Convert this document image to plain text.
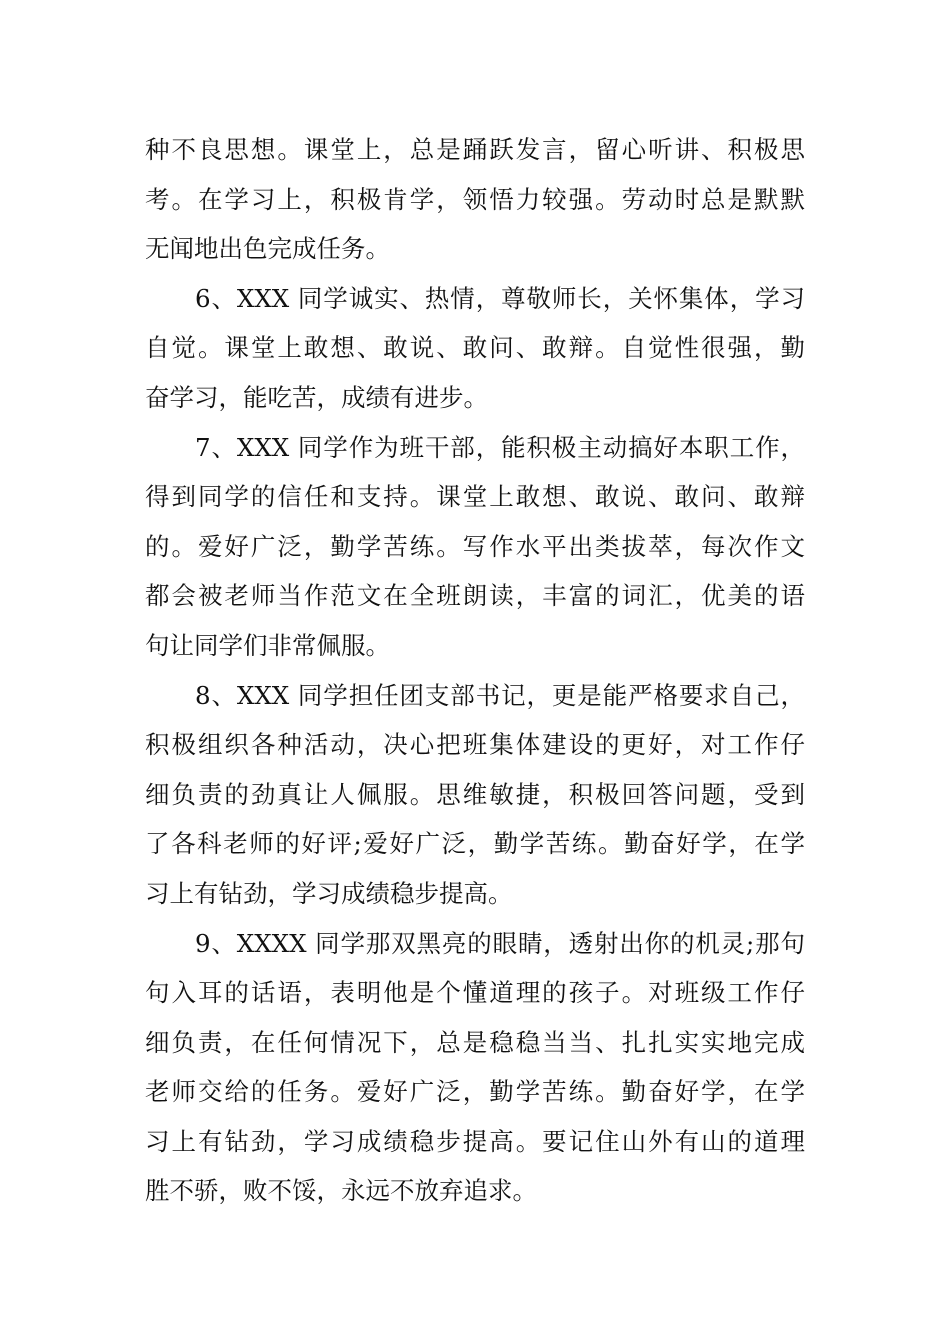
种不良思想。课堂上，总是踊跃发言，留心听讲、积极思
考。在学习上，积极肯学，领悟力较强。劳动时总是默默
无闻地出色完成任务。
6、XXX 同学诚实、热情，尊敬师长，关怀集体，学习
自觉。课堂上敢想、敢说、敢问、敢辩。自觉性很强，勤
奋学习，能吃苦，成绩有进步。
7、XXX 同学作为班干部，能积极主动搞好本职工作，
得到同学的信任和支持。课堂上敢想、敢说、敢问、敢辩
的。爱好广泛，勤学苦练。写作水平出类拔萃，每次作文
都会被老师当作范文在全班朗读，丰富的词汇，优美的语
句让同学们非常佩服。
8、XXX 同学担任团支部书记，更是能严格要求自己，
积极组织各种活动，决心把班集体建设的更好，对工作仔
细负责的劲真让人佩服。思维敏捷，积极回答问题，受到
了各科老师的好评;爱好广泛，勤学苦练。勤奋好学，在学
习上有钻劲，学习成绩稳步提高。
9、XXXX 同学那双黑亮的眼睛，透射出你的机灵;那句
句入耳的话语，表明他是个懂道理的孩子。对班级工作仔
细负责，在任何情况下，总是稳稳当当、扎扎实实地完成
老师交给的任务。爱好广泛，勤学苦练。勤奋好学，在学
习上有钻劲，学习成绩稳步提高。要记住山外有山的道理
胜不骄，败不馁，永远不放弃追求。
